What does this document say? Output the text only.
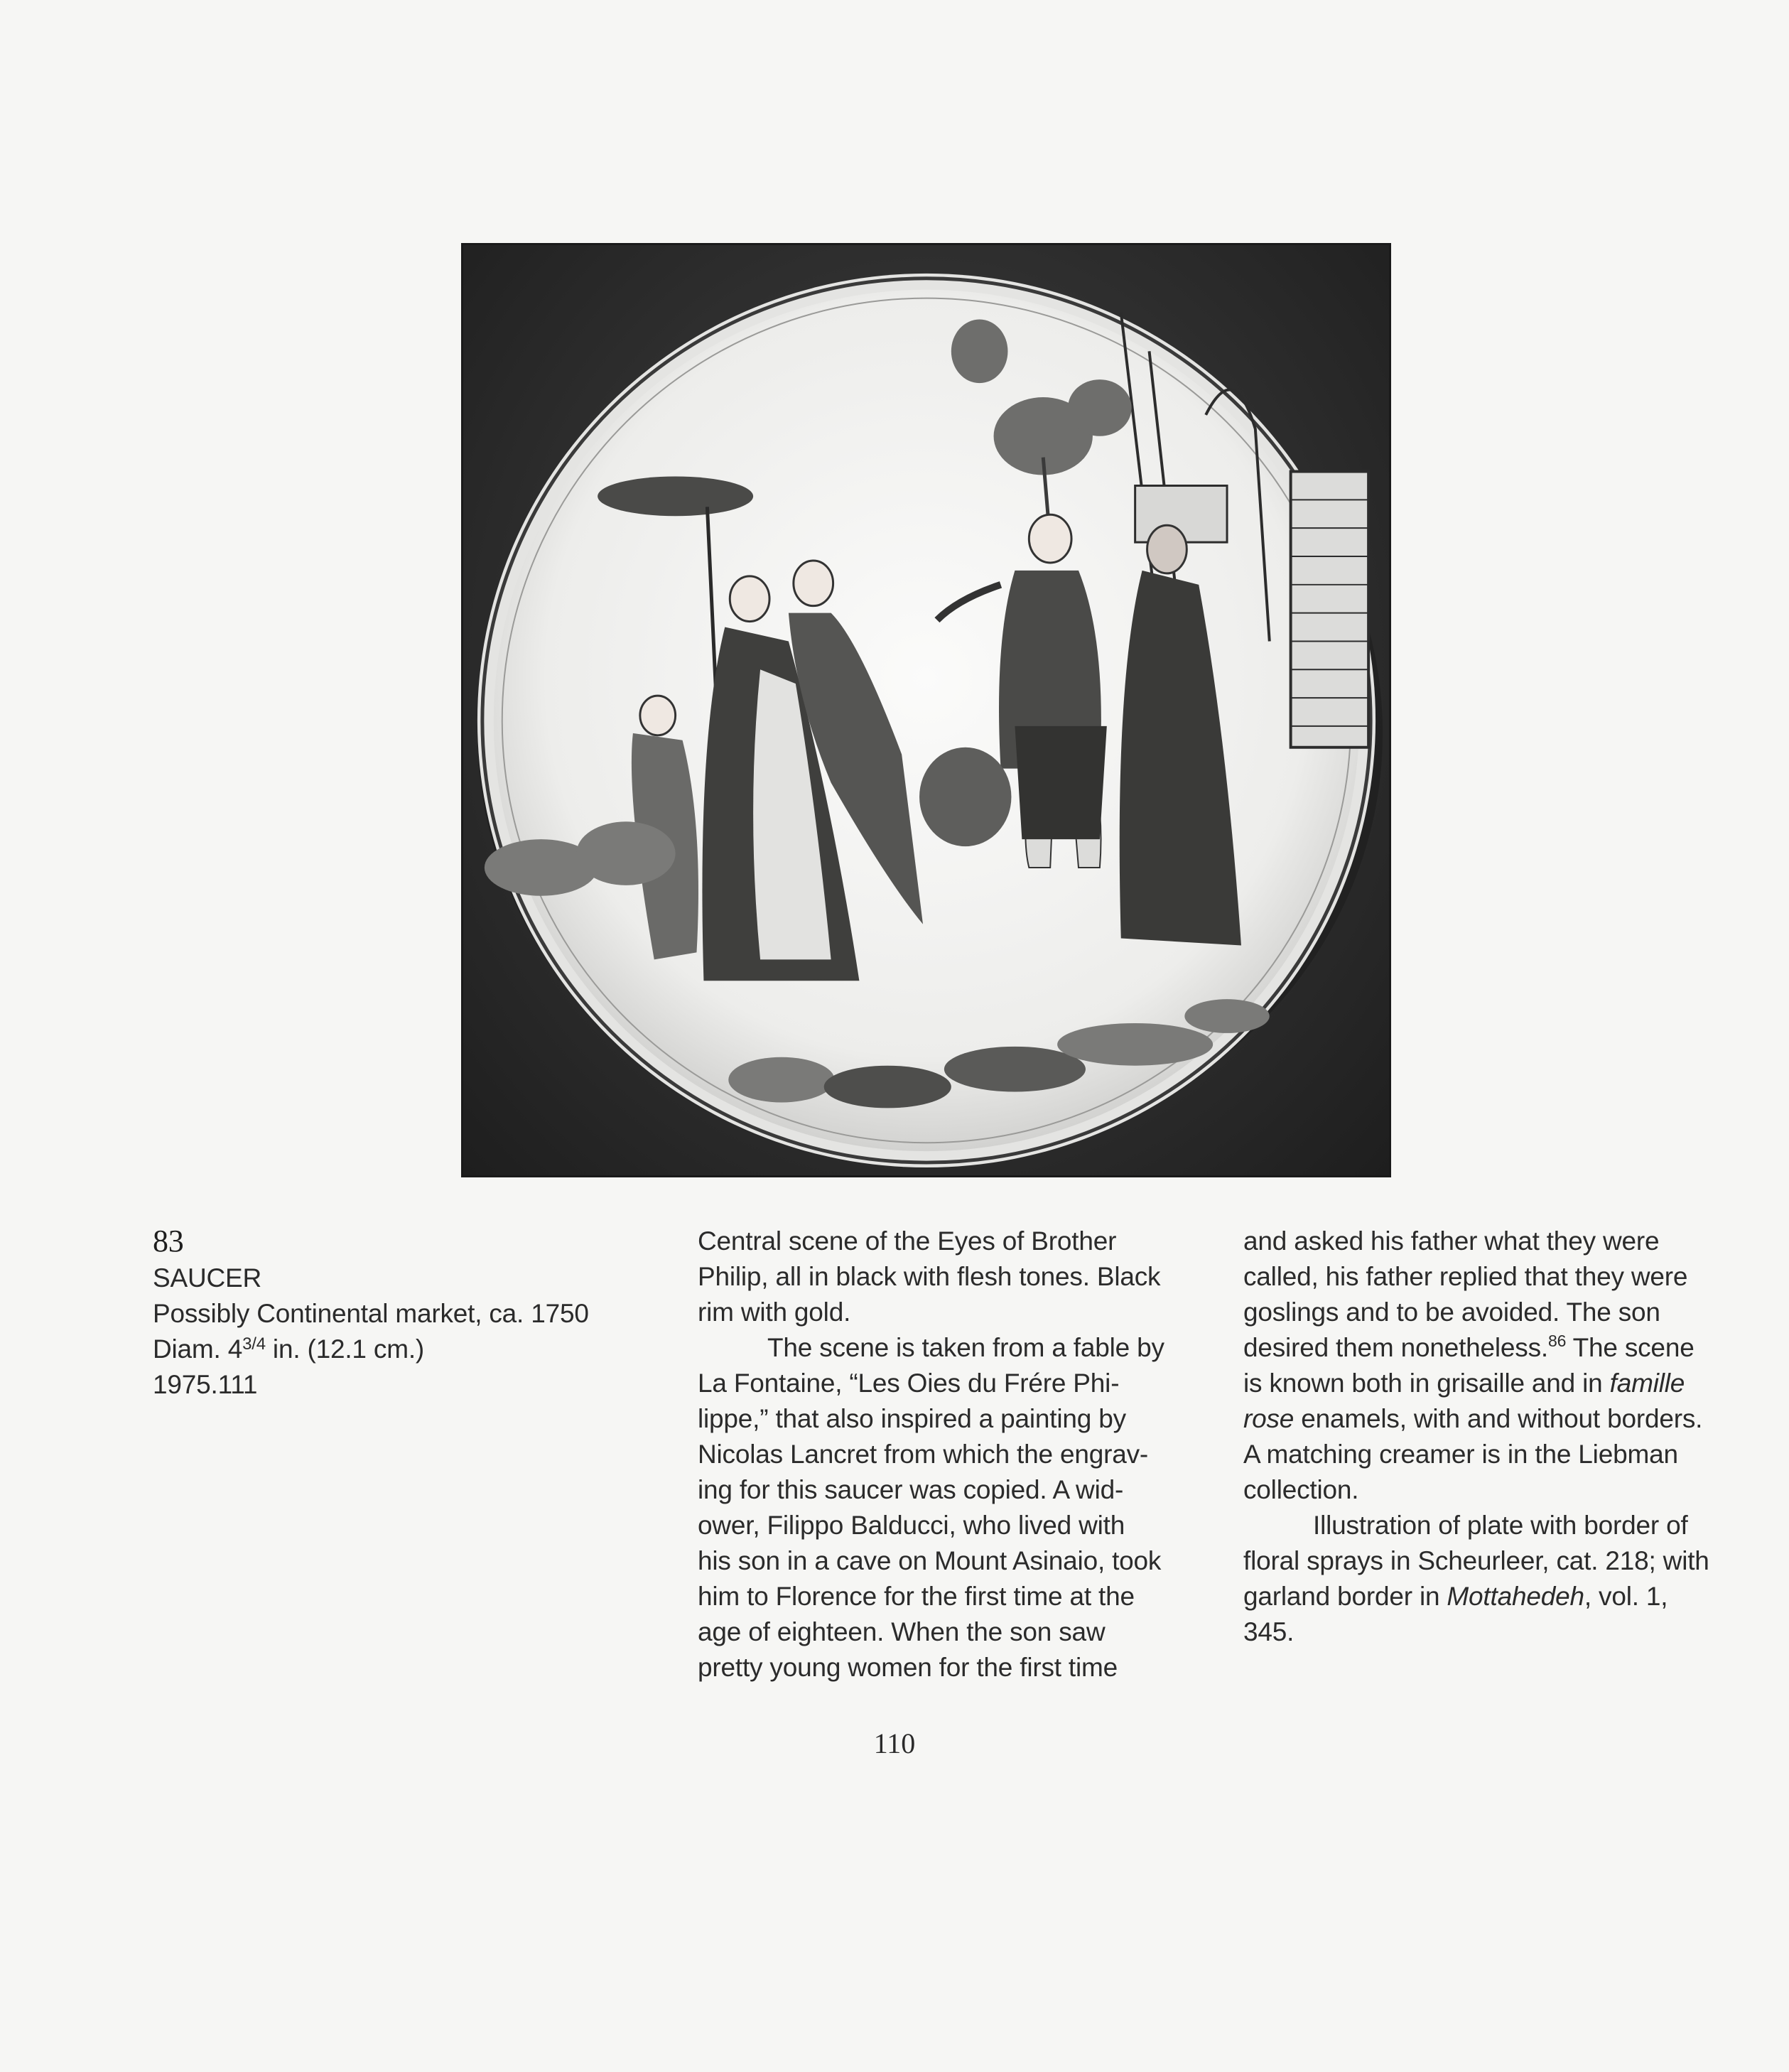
83
SAUCER
Possibly Continental market, ca. 1750
Diam. $4^{3/4}$ in. (12.1 cm.)
1975.111
Central scene of the Eyes of Brother
Philip, all in black with flesh tones. Black
rim with gold.
The scene is taken from a fable by
La Fontaine, “Les Oies du Frére Phi-
lippe,” that also inspired a painting by
Nicolas Lancret from which the engrav-
ing for this saucer was copied. A wid-
ower, Filippo Balducci, who lived with
his son in a cave on Mount Asinaio, took
him to Florence for the first time at the
age of eighteen. When the son saw
pretty young women for the first time
and asked his father what they were
called, his father replied that they were
goslings and to be avoided. The son
desired them nonetheless.$^{86}$ The scene
is known both in grisaille and in famille
rose enamels, with and without borders.
A matching creamer is in the Liebman
collection.
Illustration of plate with border of
floral sprays in Scheurleer, cat. 218; with
garland border in Mottahedeh, vol. 1,
345.
110
